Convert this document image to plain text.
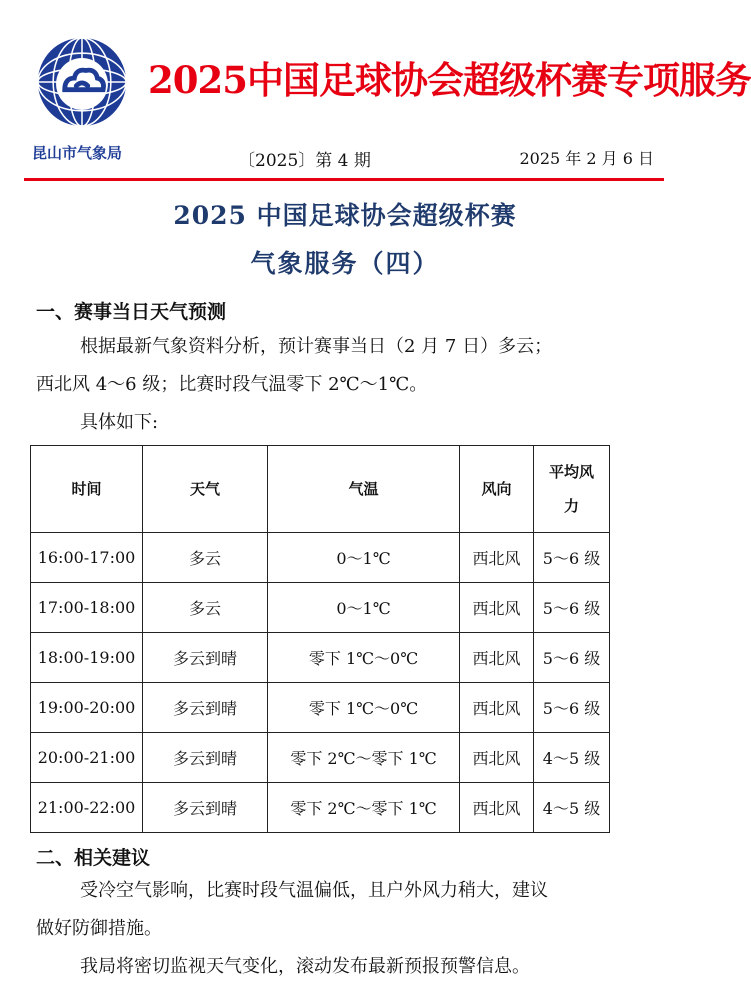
2025中国足球协会超级杯赛专项服务
昆山市气象局	〔2025〕第 4 期	2025 年 2 月 6 日
2025 中国足球协会超级杯赛
气象服务（四）
一、赛事当日天气预测
根据最新气象资料分析，预计赛事当日（2 月 7 日）多云；
西北风 4～6 级；比赛时段气温零下 2℃～1℃。
具体如下:
时间	天气	气温	风向	平均风力
16:00-17:00	多云	0～1℃	西北风	5～6 级
17:00-18:00	多云	0～1℃	西北风	5～6 级
18:00-19:00	多云到晴	零下 1℃～0℃	西北风	5～6 级
19:00-20:00	多云到晴	零下 1℃～0℃	西北风	5～6 级
20:00-21:00	多云到晴	零下 2℃～零下 1℃	西北风	4～5 级
21:00-22:00	多云到晴	零下 2℃～零下 1℃	西北风	4～5 级
二、相关建议
受冷空气影响，比赛时段气温偏低，且户外风力稍大，建议
做好防御措施。
我局将密切监视天气变化，滚动发布最新预报预警信息。
